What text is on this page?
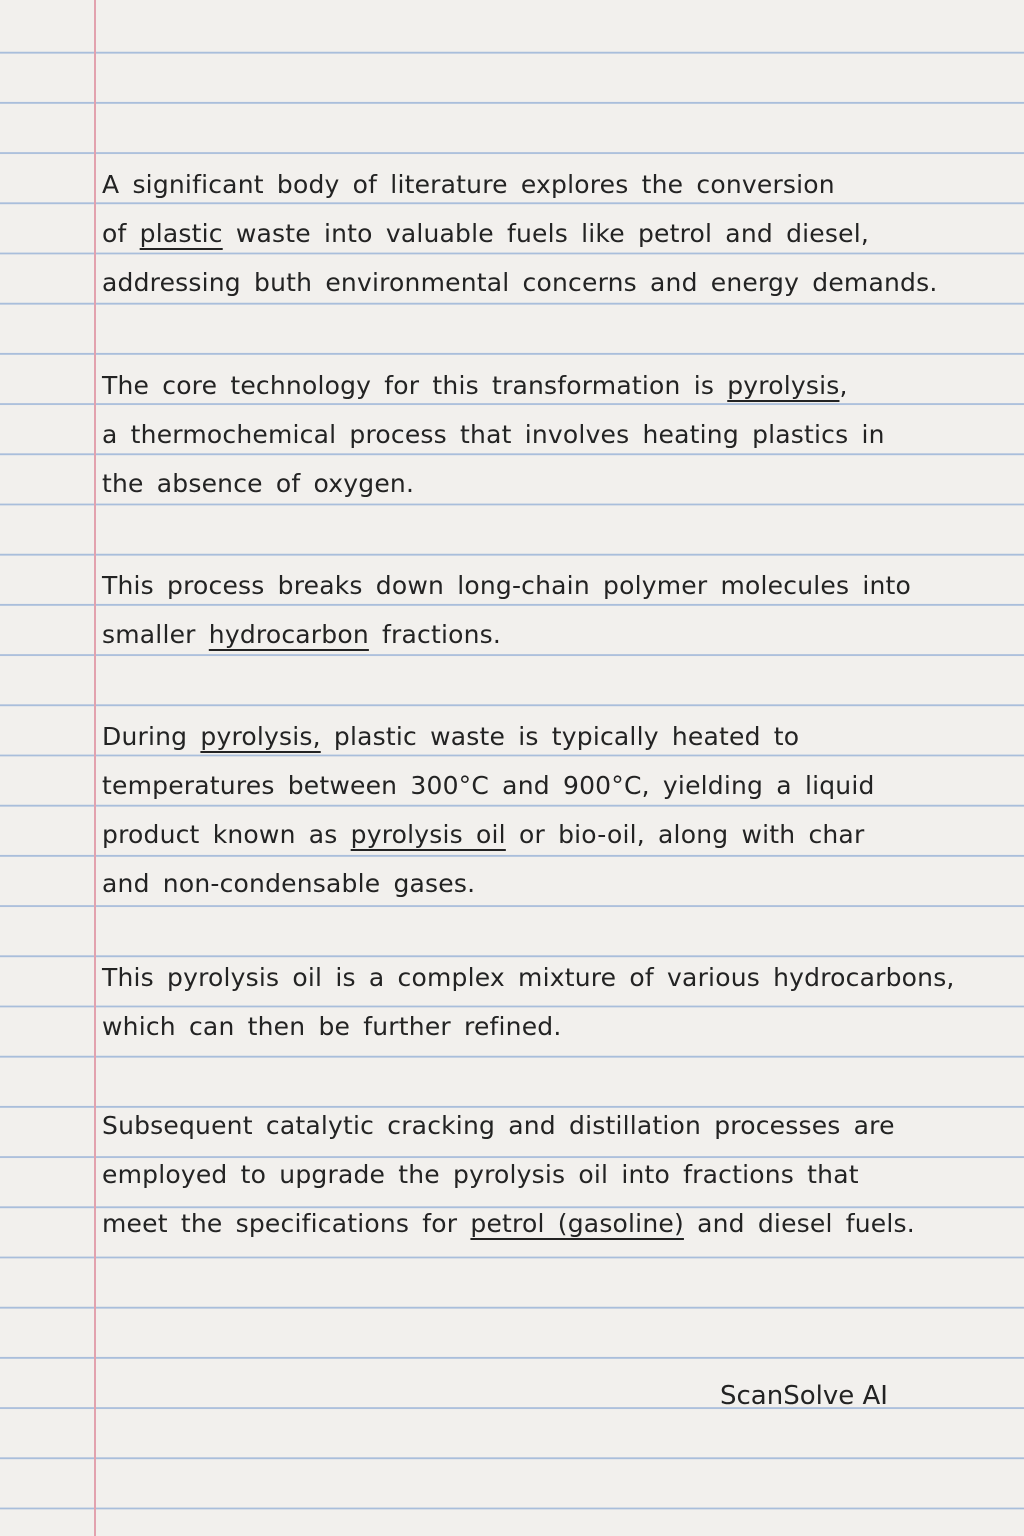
A significant body of literature explores the conversion
of plastic waste into valuable fuels like petrol and diesel,
addressing buth environmental concerns and energy demands.

The core technology for this transformation is pyrolysis,
a thermochemical process that involves heating plastics in
the absence of oxygen.

This process breaks down long-chain polymer molecules into
smaller hydrocarbon fractions.

During pyrolysis, plastic waste is typically heated to
temperatures between 300°C and 900°C, yielding a liquid
product known as pyrolysis oil or bio-oil, along with char
and non-condensable gases.

This pyrolysis oil is a complex mixture of various hydrocarbons,
which can then be further refined.

Subsequent catalytic cracking and distillation processes are
employed to upgrade the pyrolysis oil into fractions that
meet the specifications for petrol (gasoline) and diesel fuels.

ScanSolve AI
